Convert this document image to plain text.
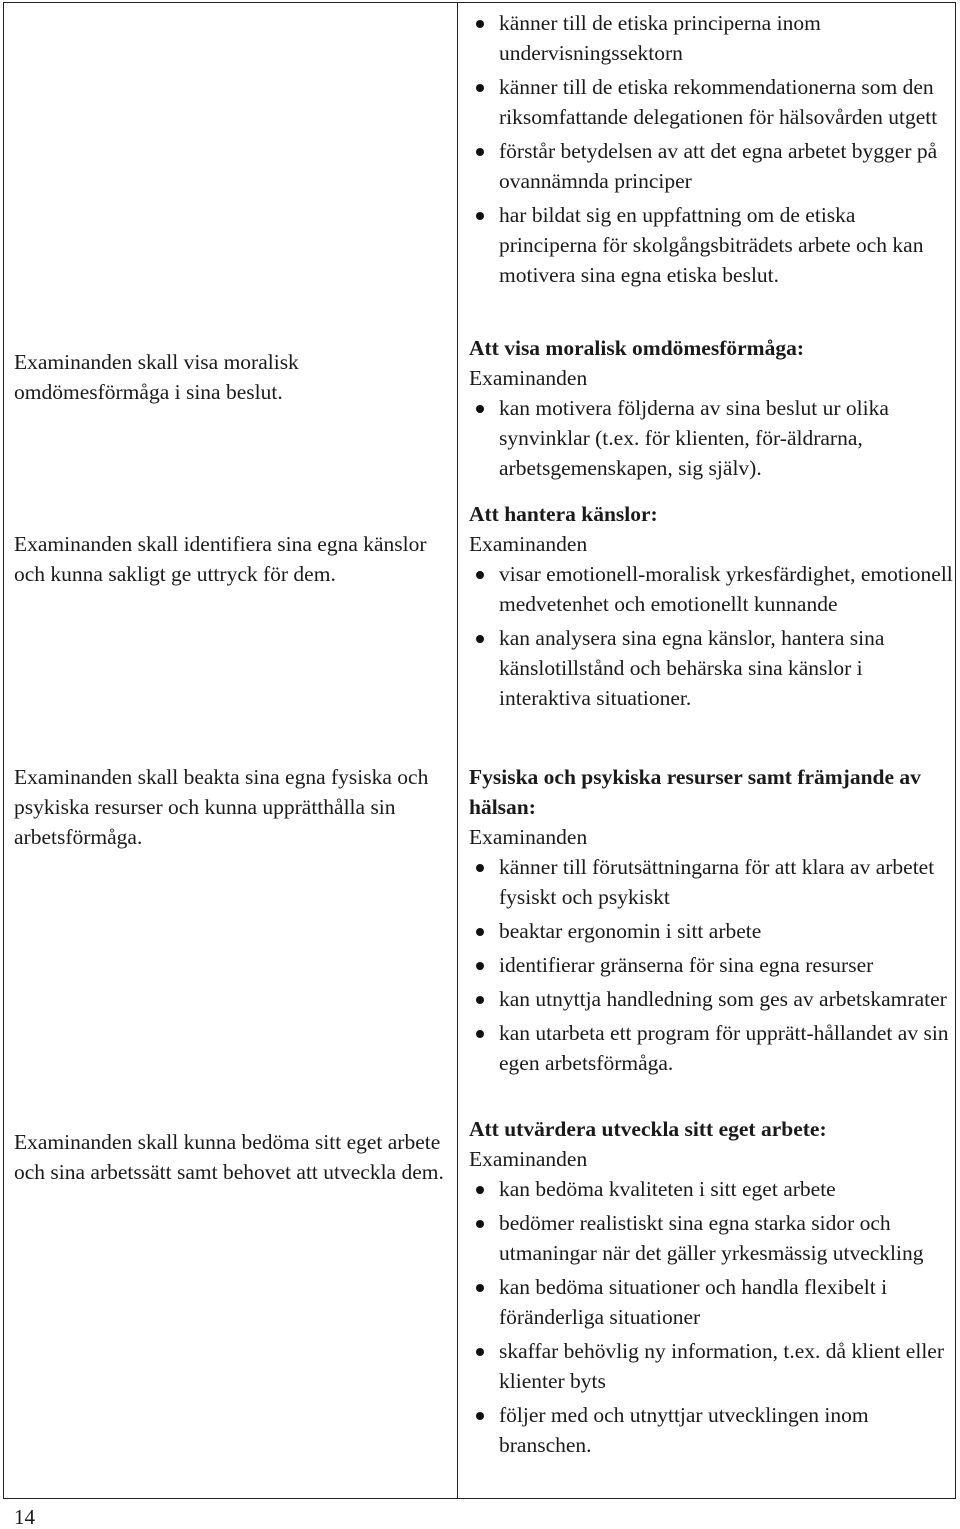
Examinanden skall visa moralisk omdömesförmåga i sina beslut.
Examinanden skall identifiera sina egna känslor och kunna sakligt ge uttryck för dem.
Examinanden skall beakta sina egna fysiska och psykiska resurser och kunna upprätthålla sin arbetsförmåga.
Examinanden skall kunna bedöma sitt eget arbete och sina arbetssätt samt behovet att utveckla dem.
känner till de etiska principerna inom undervisningssektorn
känner till de etiska rekommendationerna som den riksomfattande delegationen för hälsovården utgett
förstår betydelsen av att det egna arbetet bygger på ovannämnda principer
har bildat sig en uppfattning om de etiska principerna för skolgångsbiträdets arbete och kan motivera sina egna etiska beslut.
Att visa moralisk omdömesförmåga:
Examinanden
kan motivera följderna av sina beslut ur olika synvinklar (t.ex. för klienten, för-äldrarna, arbetsgemenskapen, sig själv).
Att hantera känslor:
Examinanden
visar emotionell-moralisk yrkesfärdighet, emotionell medvetenhet och emotionellt kunnande
kan analysera sina egna känslor, hantera sina känslotillstånd och behärska sina känslor i interaktiva situationer.
Fysiska och psykiska resurser samt främjande av hälsan:
Examinanden
känner till förutsättningarna för att klara av arbetet fysiskt och psykiskt
beaktar ergonomin i sitt arbete
identifierar gränserna för sina egna resurser
kan utnyttja handledning som ges av arbetskamrater
kan utarbeta ett program för upprätt-hållandet av sin egen arbetsförmåga.
Att utvärdera utveckla sitt eget arbete:
Examinanden
kan bedöma kvaliteten i sitt eget arbete
bedömer realistiskt sina egna starka sidor och utmaningar när det gäller yrkesmässig utveckling
kan bedöma situationer och handla flexibelt i föränderliga situationer
skaffar behövlig ny information, t.ex. då klient eller klienter byts
följer med och utnyttjar utvecklingen inom branschen.
14
